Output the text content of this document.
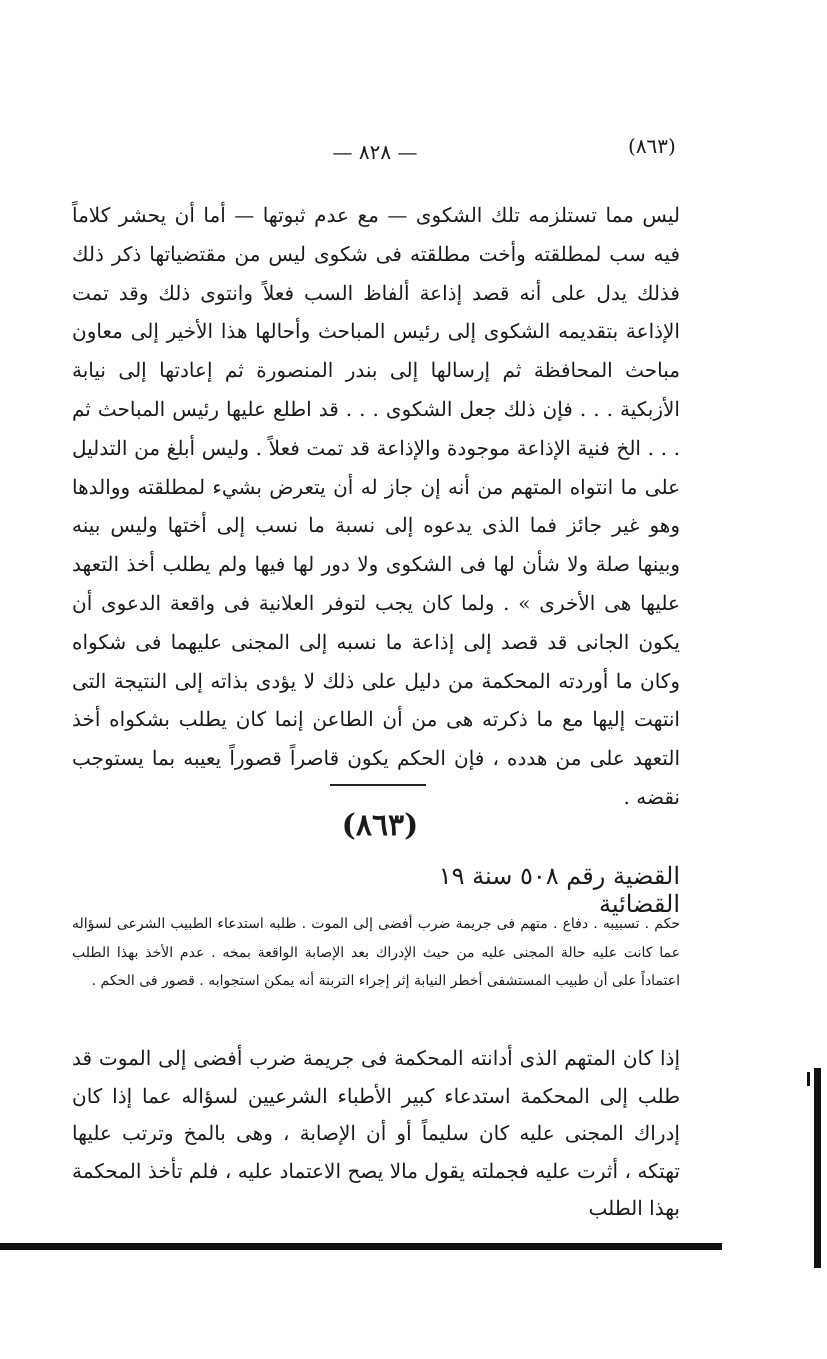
(٨٦٣)
— ٨٢٨ —
ليس مما تستلزمه تلك الشكوى — مع عدم ثبوتها — أما أن يحشر كلاماً فيه سب لمطلقته وأخت مطلقته فى شكوى ليس من مقتضياتها ذكر ذلك فذلك يدل على أنه قصد إذاعة ألفاظ السب فعلاً وانتوى ذلك وقد تمت الإذاعة بتقديمه الشكوى إلى رئيس المباحث وأحالها هذا الأخير إلى معاون مباحث المحافظة ثم إرسالها إلى بندر المنصورة ثم إعادتها إلى نيابة الأزبكية . . . فإن ذلك جعل الشكوى . . . قد اطلع عليها رئيس المباحث ثم . . . الخ فنية الإذاعة موجودة والإذاعة قد تمت فعلاً . وليس أبلغ من التدليل على ما انتواه المتهم من أنه إن جاز له أن يتعرض بشيء لمطلقته ووالدها وهو غير جائز فما الذى يدعوه إلى نسبة ما نسب إلى أختها وليس بينه وبينها صلة ولا شأن لها فى الشكوى ولا دور لها فيها ولم يطلب أخذ التعهد عليها هى الأخرى » . ولما كان يجب لتوفر العلانية فى واقعة الدعوى أن يكون الجانى قد قصد إلى إذاعة ما نسبه إلى المجنى عليهما فى شكواه وكان ما أوردته المحكمة من دليل على ذلك لا يؤدى بذاته إلى النتيجة التى انتهت إليها مع ما ذكرته هى من أن الطاعن إنما كان يطلب بشكواه أخذ التعهد على من هدده ، فإن الحكم يكون قاصراً قصوراً يعيبه بما يستوجب نقضه .
(٨٦٣)
القضية رقم ٥٠٨ سنة ١٩ القضائية
حكم . تسبيبه . دفاع . متهم فى جريمة ضرب أفضى إلى الموت . طلبه استدعاء الطبيب الشرعى لسؤاله عما كانت عليه حالة المجنى عليه من حيث الإدراك بعد الإصابة الواقعة بمخه . عدم الأخذ بهذا الطلب اعتماداً على أن طبيب المستشفى أخطر النيابة إثر إجراء التربنة أنه يمكن استجوابه . قصور فى الحكم .
إذا كان المتهم الذى أدانته المحكمة فى جريمة ضرب أفضى إلى الموت قد طلب إلى المحكمة استدعاء كبير الأطباء الشرعيين لسؤاله عما إذا كان إدراك المجنى عليه كان سليماً أو أن الإصابة ، وهى بالمخ وترتب عليها تهتكه ، أثرت عليه فجملته يقول مالا يصح الاعتماد عليه ، فلم تأخذ المحكمة بهذا الطلب
